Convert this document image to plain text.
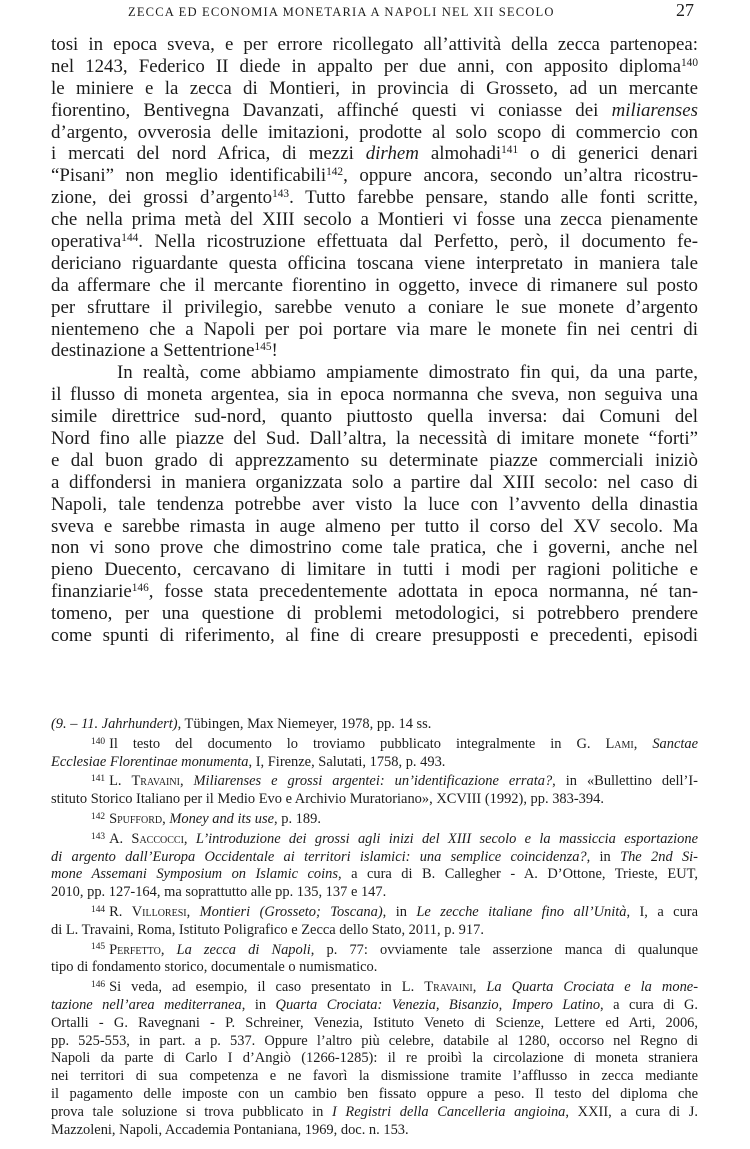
ZECCA ED ECONOMIA MONETARIA A NAPOLI NEL XII SECOLO	27
tosi in epoca sveva, e per errore ricollegato all’attività della zecca partenopea:
nel 1243, Federico II diede in appalto per due anni, con apposito diploma$^{140}$
le miniere e la zecca di Montieri, in provincia di Grosseto, ad un mercante
fiorentino, Bentivegna Davanzati, affinché questi vi coniasse dei miliarenses
d’argento, ovverosia delle imitazioni, prodotte al solo scopo di commercio con
i mercati del nord Africa, di mezzi dirhem almohadi$^{141}$ o di generici denari
“Pisani” non meglio identificabili$^{142}$, oppure ancora, secondo un’altra ricostru-
zione, dei grossi d’argento$^{143}$. Tutto farebbe pensare, stando alle fonti scritte,
che nella prima metà del XIII secolo a Montieri vi fosse una zecca pienamente
operativa$^{144}$. Nella ricostruzione effettuata dal Perfetto, però, il documento fe-
dericiano riguardante questa officina toscana viene interpretato in maniera tale
da affermare che il mercante fiorentino in oggetto, invece di rimanere sul posto
per sfruttare il privilegio, sarebbe venuto a coniare le sue monete d’argento
nientemeno che a Napoli per poi portare via mare le monete fin nei centri di
destinazione a Settentrione$^{145}$!
In realtà, come abbiamo ampiamente dimostrato fin qui, da una parte,
il flusso di moneta argentea, sia in epoca normanna che sveva, non seguiva una
simile direttrice sud-nord, quanto piuttosto quella inversa: dai Comuni del
Nord fino alle piazze del Sud. Dall’altra, la necessità di imitare monete “forti”
e dal buon grado di apprezzamento su determinate piazze commerciali iniziò
a diffondersi in maniera organizzata solo a partire dal XIII secolo: nel caso di
Napoli, tale tendenza potrebbe aver visto la luce con l’avvento della dinastia
sveva e sarebbe rimasta in auge almeno per tutto il corso del XV secolo. Ma
non vi sono prove che dimostrino come tale pratica, che i governi, anche nel
pieno Duecento, cercavano di limitare in tutti i modi per ragioni politiche e
finanziarie$^{146}$, fosse stata precedentemente adottata in epoca normanna, né tan-
tomeno, per una questione di problemi metodologici, si potrebbero prendere
come spunti di riferimento, al fine di creare presupposti e precedenti, episodi
(9. – 11. Jahrhundert), Tübingen, Max Niemeyer, 1978, pp. 14 ss.
$^{140}$ Il testo del documento lo troviamo pubblicato integralmente in G. Lami, Sanctae
Ecclesiae Florentinae monumenta, I, Firenze, Salutati, 1758, p. 493.
$^{141}$ L. Travaini, Miliarenses e grossi argentei: un’identificazione errata?, in «Bullettino dell’I-
stituto Storico Italiano per il Medio Evo e Archivio Muratoriano», XCVIII (1992), pp. 383-394.
$^{142}$ Spufford, Money and its use, p. 189.
$^{143}$ A. Saccocci, L’introduzione dei grossi agli inizi del XIII secolo e la massiccia esportazione
di argento dall’Europa Occidentale ai territori islamici: una semplice coincidenza?, in The 2nd Si-
mone Assemani Symposium on Islamic coins, a cura di B. Callegher - A. D’Ottone, Trieste, EUT,
2010, pp. 127-164, ma soprattutto alle pp. 135, 137 e 147.
$^{144}$ R. Villoresi, Montieri (Grosseto; Toscana), in Le zecche italiane fino all’Unità, I, a cura
di L. Travaini, Roma, Istituto Poligrafico e Zecca dello Stato, 2011, p. 917.
$^{145}$ Perfetto, La zecca di Napoli, p. 77: ovviamente tale asserzione manca di qualunque
tipo di fondamento storico, documentale o numismatico.
$^{146}$ Si veda, ad esempio, il caso presentato in L. Travaini, La Quarta Crociata e la mone-
tazione nell’area mediterranea, in Quarta Crociata: Venezia, Bisanzio, Impero Latino, a cura di G.
Ortalli - G. Ravegnani - P. Schreiner, Venezia, Istituto Veneto di Scienze, Lettere ed Arti, 2006,
pp. 525-553, in part. a p. 537. Oppure l’altro più celebre, databile al 1280, occorso nel Regno di
Napoli da parte di Carlo I d’Angiò (1266-1285): il re proibì la circolazione di moneta straniera
nei territori di sua competenza e ne favorì la dismissione tramite l’afflusso in zecca mediante
il pagamento delle imposte con un cambio ben fissato oppure a peso. Il testo del diploma che
prova tale soluzione si trova pubblicato in I Registri della Cancelleria angioina, XXII, a cura di J.
Mazzoleni, Napoli, Accademia Pontaniana, 1969, doc. n. 153.
